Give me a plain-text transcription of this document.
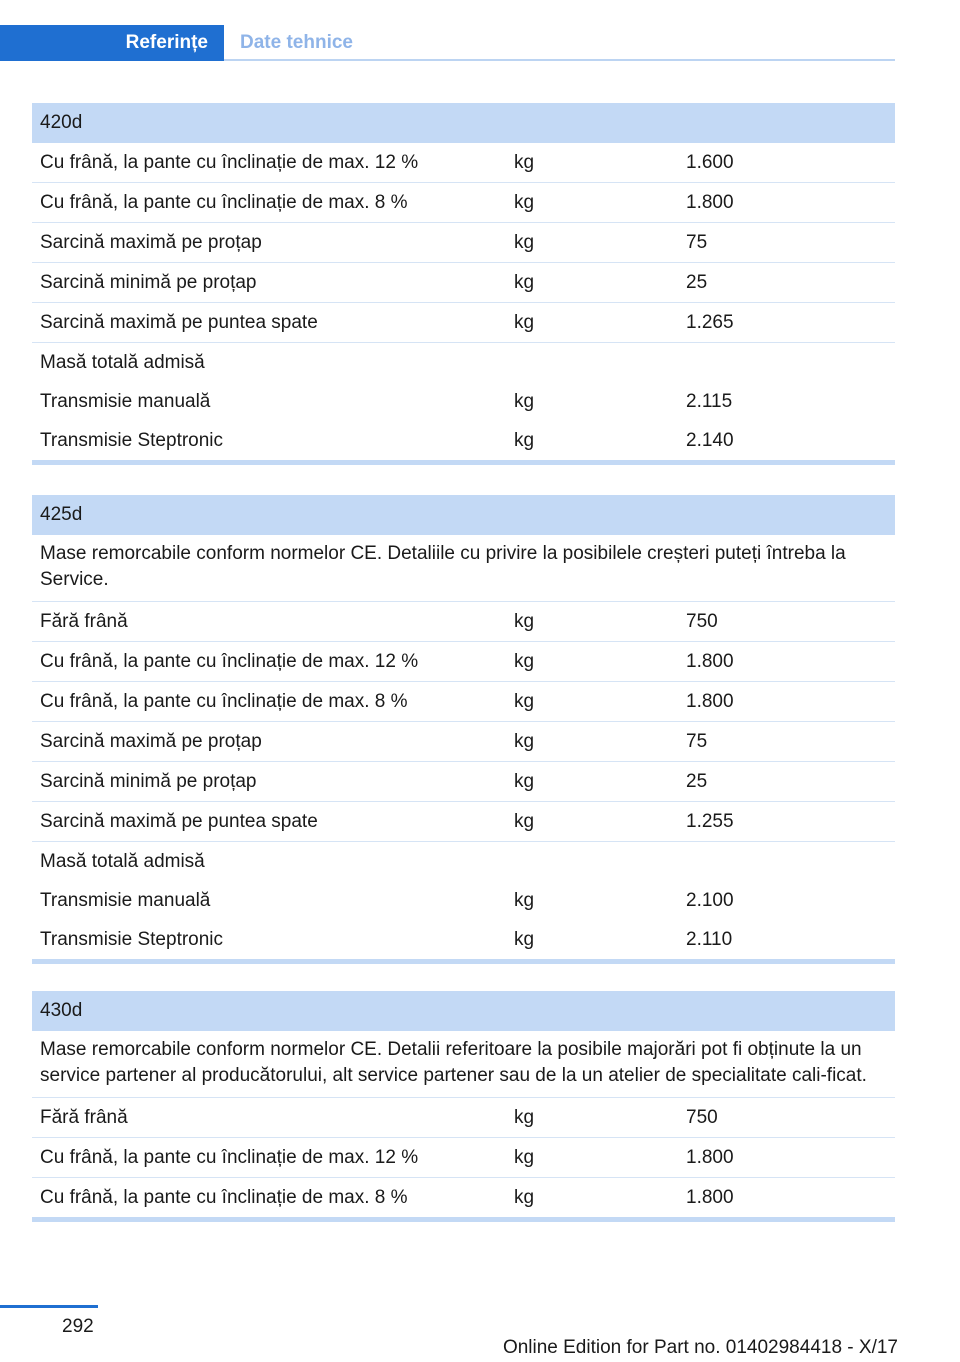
Referințe	Date tehnice
420d
Cu frână, la pante cu înclinație de max. 12 %	kg	1.600
Cu frână, la pante cu înclinație de max. 8 %	kg	1.800
Sarcină maximă pe proțap	kg	75
Sarcină minimă pe proțap	kg	25
Sarcină maximă pe puntea spate	kg	1.265
Masă totală admisă
Transmisie manuală	kg	2.115
Transmisie Steptronic	kg	2.140
425d
Mase remorcabile conform normelor CE. Detaliile cu privire la posibilele creșteri puteți întreba la Service.
Fără frână	kg	750
Cu frână, la pante cu înclinație de max. 12 %	kg	1.800
Cu frână, la pante cu înclinație de max. 8 %	kg	1.800
Sarcină maximă pe proțap	kg	75
Sarcină minimă pe proțap	kg	25
Sarcină maximă pe puntea spate	kg	1.255
Masă totală admisă
Transmisie manuală	kg	2.100
Transmisie Steptronic	kg	2.110
430d
Mase remorcabile conform normelor CE. Detalii referitoare la posibile majorări pot fi obținute la un service partener al producătorului, alt service partener sau de la un atelier de specialitate cali‐ficat.
Fără frână	kg	750
Cu frână, la pante cu înclinație de max. 12 %	kg	1.800
Cu frână, la pante cu înclinație de max. 8 %	kg	1.800
292
Online Edition for Part no. 01402984418 - X/17
